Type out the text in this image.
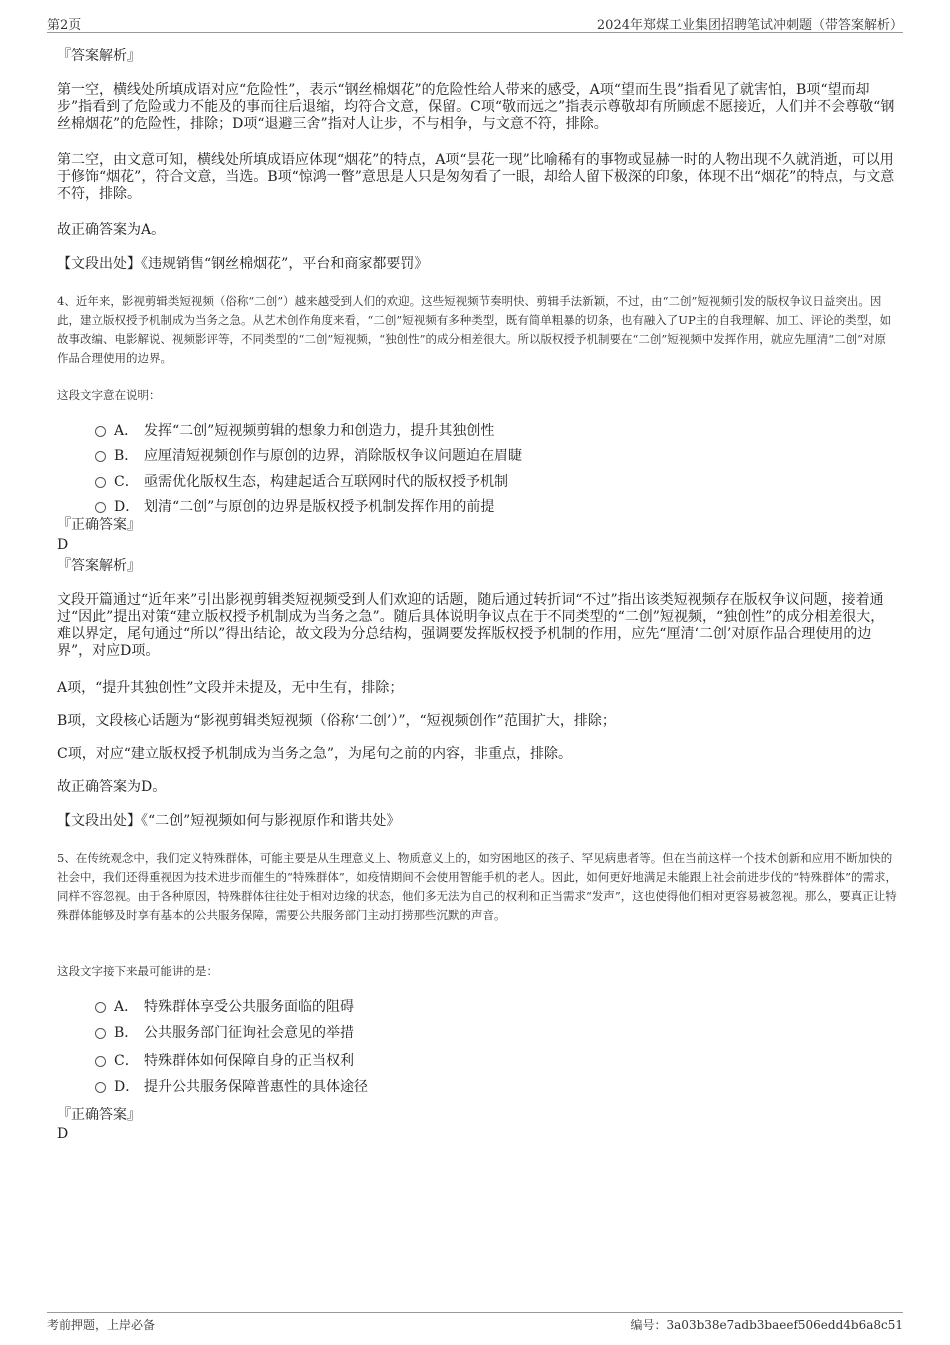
第2页	2024年郑煤工业集团招聘笔试冲刺题（带答案解析）
『答案解析』

第一空，横线处所填成语对应“危险性”，表示“钢丝棉烟花”的危险性给人带来的感受，A项“望而生畏”指看见了就害怕，B项“望而却步”指看到了危险或力不能及的事而往后退缩，均符合文意，保留。C项“敬而远之”指表示尊敬却有所顾虑不愿接近，人们并不会尊敬“钢丝棉烟花”的危险性，排除；D项“退避三舍”指对人让步，不与相争，与文意不符，排除。

第二空，由文意可知，横线处所填成语应体现“烟花”的特点，A项“昙花一现”比喻稀有的事物或显赫一时的人物出现不久就消逝，可以用于修饰“烟花”，符合文意，当选。B项“惊鸿一瞥”意思是人只是匆匆看了一眼，却给人留下极深的印象，体现不出“烟花”的特点，与文意不符，排除。

故正确答案为A。
【文段出处】《违规销售“钢丝棉烟花”，平台和商家都要罚》

4、近年来，影视剪辑类短视频（俗称“二创”）越来越受到人们的欢迎。这些短视频节奏明快、剪辑手法新颖，不过，由“二创”短视频引发的版权争议日益突出。因此，建立版权授予机制成为当务之急。从艺术创作角度来看，“二创”短视频有多种类型，既有简单粗暴的切条，也有融入了UP主的自我理解、加工、评论的类型，如故事改编、电影解说、视频影评等，不同类型的“二创”短视频，“独创性”的成分相差很大。所以版权授予机制要在“二创”短视频中发挥作用，就应先厘清“二创”对原作品合理使用的边界。

这段文字意在说明：
A． 发挥“二创”短视频剪辑的想象力和创造力，提升其独创性
B． 应厘清短视频创作与原创的边界，消除版权争议问题迫在眉睫
C． 亟需优化版权生态，构建起适合互联网时代的版权授予机制
D． 划清“二创”与原创的边界是版权授予机制发挥作用的前提
『正确答案』
D
『答案解析』

文段开篇通过“近年来”引出影视剪辑类短视频受到人们欢迎的话题，随后通过转折词“不过”指出该类短视频存在版权争议问题，接着通过“因此”提出对策“建立版权授予机制成为当务之急”。随后具体说明争议点在于不同类型的“二创”短视频，“独创性”的成分相差很大，难以界定，尾句通过“所以”得出结论，故文段为分总结构，强调要发挥版权授予机制的作用，应先“厘清‘二创’对原作品合理使用的边界”，对应D项。

A项，“提升其独创性”文段并未提及，无中生有，排除；
B项，文段核心话题为“影视剪辑类短视频（俗称‘二创’）”，“短视频创作”范围扩大，排除；
C项，对应“建立版权授予机制成为当务之急”，为尾句之前的内容，非重点，排除。
故正确答案为D。
【文段出处】《“二创”短视频如何与影视原作和谐共处》

5、在传统观念中，我们定义特殊群体，可能主要是从生理意义上、物质意义上的，如穷困地区的孩子、罕见病患者等。但在当前这样一个技术创新和应用不断加快的社会中，我们还得重视因为技术进步而催生的“特殊群体”，如疫情期间不会使用智能手机的老人。因此，如何更好地满足未能跟上社会前进步伐的“特殊群体”的需求，同样不容忽视。由于各种原因，特殊群体往往处于相对边缘的状态，他们多无法为自己的权利和正当需求“发声”，这也使得他们相对更容易被忽视。那么，要真正让特殊群体能够及时享有基本的公共服务保障，需要公共服务部门主动打捞那些沉默的声音。

这段文字接下来最可能讲的是：
A． 特殊群体享受公共服务面临的阻碍
B． 公共服务部门征询社会意见的举措
C． 特殊群体如何保障自身的正当权利
D． 提升公共服务保障普惠性的具体途径
『正确答案』
D
考前押题，上岸必备	编号：3a03b38e7adb3baeef506edd4b6a8c51
